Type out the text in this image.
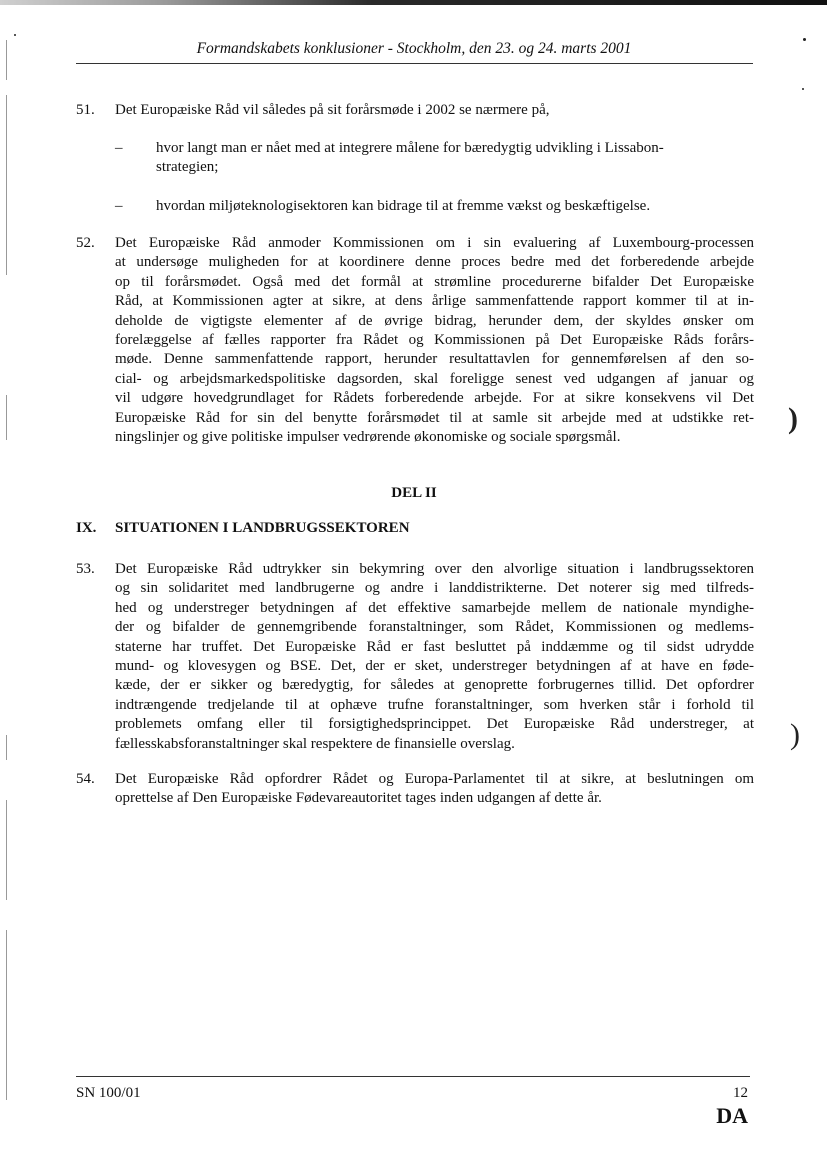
)
)
Formandskabets konklusioner - Stockholm, den 23. og 24. marts 2001
51.	Det Europæiske Råd vil således på sit forårsmøde i 2002 se nærmere på,
– hvor langt man er nået med at integrere målene for bæredygtig udvikling i Lissabon-
strategien;
– hvordan miljøteknologisektoren kan bidrage til at fremme vækst og beskæftigelse.
52.	Det Europæiske Råd anmoder Kommissionen om i sin evaluering af Luxembourg-processen
at undersøge muligheden for at koordinere denne proces bedre med det forberedende arbejde
op til forårsmødet. Også med det formål at strømline procedurerne bifalder Det Europæiske
Råd, at Kommissionen agter at sikre, at dens årlige sammenfattende rapport kommer til at in-
deholde de vigtigste elementer af de øvrige bidrag, herunder dem, der skyldes ønsker om
forelæggelse af fælles rapporter fra Rådet og Kommissionen på Det Europæiske Råds forårs-
møde. Denne sammenfattende rapport, herunder resultattavlen for gennemførelsen af den so-
cial- og arbejdsmarkedspolitiske dagsorden, skal foreligge senest ved udgangen af januar og
vil udgøre hovedgrundlaget for Rådets forberedende arbejde. For at sikre konsekvens vil Det
Europæiske Råd for sin del benytte forårsmødet til at samle sit arbejde med at udstikke ret-
ningslinjer og give politiske impulser vedrørende økonomiske og sociale spørgsmål.
DEL II
IX. SITUATIONEN I LANDBRUGSSEKTOREN
53.	Det Europæiske Råd udtrykker sin bekymring over den alvorlige situation i landbrugssektoren
og sin solidaritet med landbrugerne og andre i landdistrikterne. Det noterer sig med tilfreds-
hed og understreger betydningen af det effektive samarbejde mellem de nationale myndighe-
der og bifalder de gennemgribende foranstaltninger, som Rådet, Kommissionen og medlems-
staterne har truffet. Det Europæiske Råd er fast besluttet på inddæmme og til sidst udrydde
mund- og klovesygen og BSE. Det, der er sket, understreger betydningen af at have en føde-
kæde, der er sikker og bæredygtig, for således at genoprette forbrugernes tillid. Det opfordrer
indtrængende tredjelande til at ophæve trufne foranstaltninger, som hverken står i forhold til
problemets omfang eller til forsigtighedsprincippet. Det Europæiske Råd understreger, at
fællesskabsforanstaltninger skal respektere de finansielle overslag.
54.	Det Europæiske Råd opfordrer Rådet og Europa-Parlamentet til at sikre, at beslutningen om
oprettelse af Den Europæiske Fødevareautoritet tages inden udgangen af dette år.
SN 100/01	12
DA
